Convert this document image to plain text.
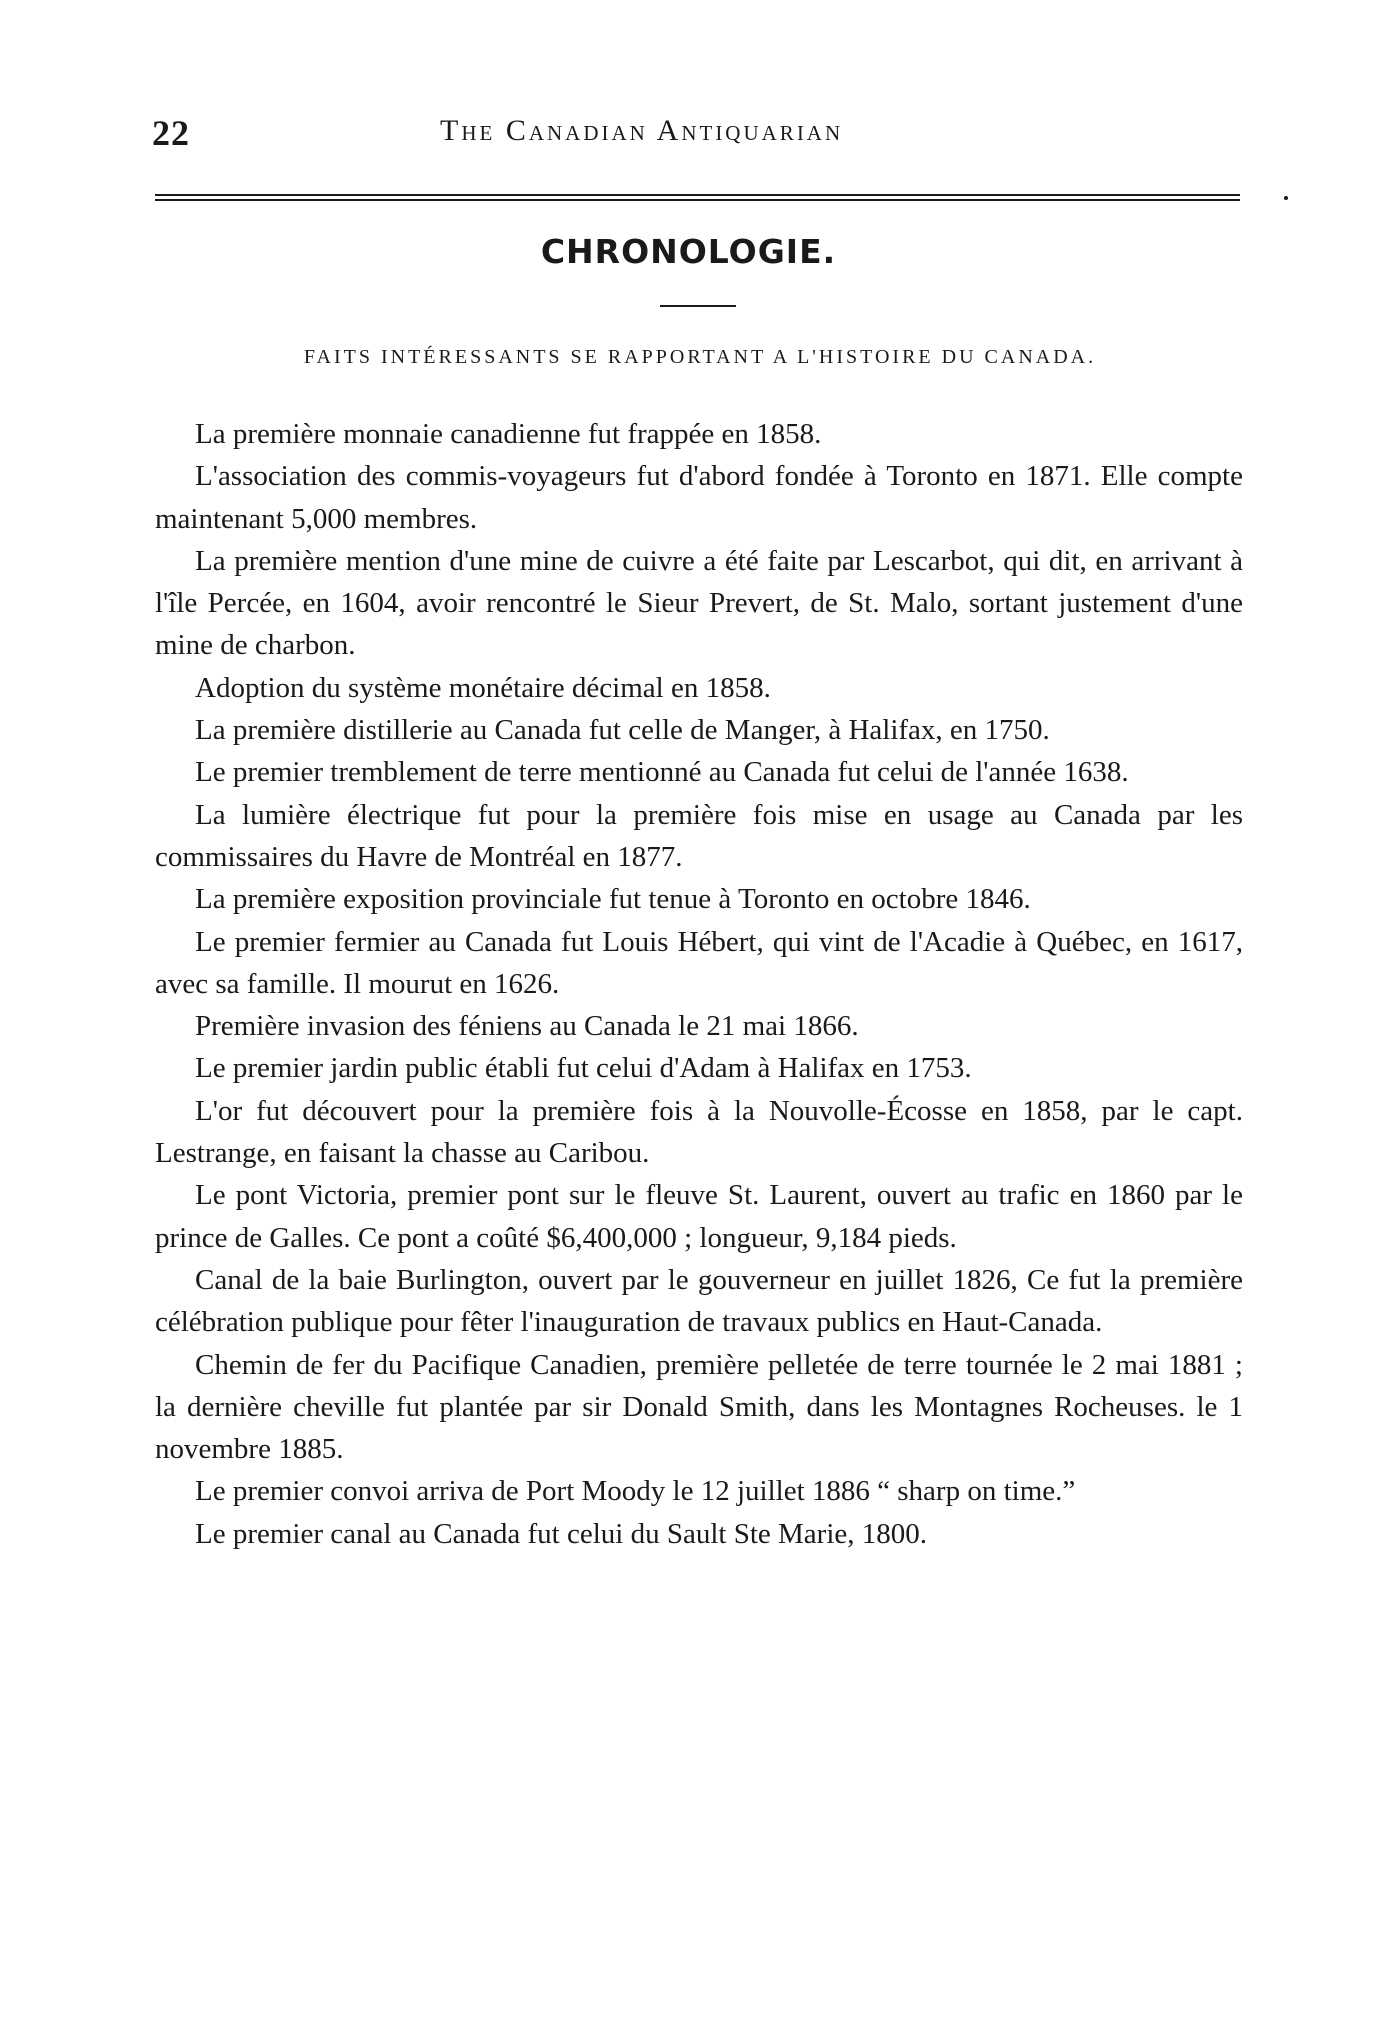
22	The Canadian Antiquarian
CHRONOLOGIE.
FAITS INTÉRESSANTS SE RAPPORTANT A L'HISTOIRE DU CANADA.

La première monnaie canadienne fut frappée en 1858.

L'association des commis-voyageurs fut d'abord fondée à Toronto en 1871. Elle compte maintenant 5,000 membres.

La première mention d'une mine de cuivre a été faite par Lescarbot, qui dit, en arrivant à l'île Percée, en 1604, avoir rencontré le Sieur Prevert, de St. Malo, sortant justement d'une mine de charbon.

Adoption du système monétaire décimal en 1858.

La première distillerie au Canada fut celle de Manger, à Halifax, en 1750.

Le premier tremblement de terre mentionné au Canada fut celui de l'année 1638.

La lumière électrique fut pour la première fois mise en usage au Canada par les commissaires du Havre de Montréal en 1877.

La première exposition provinciale fut tenue à Toronto en octobre 1846.

Le premier fermier au Canada fut Louis Hébert, qui vint de l'Acadie à Québec, en 1617, avec sa famille. Il mourut en 1626.

Première invasion des féniens au Canada le 21 mai 1866.

Le premier jardin public établi fut celui d'Adam à Halifax en 1753.

L'or fut découvert pour la première fois à la Nouvolle-Écosse en 1858, par le capt. Lestrange, en faisant la chasse au Caribou.

Le pont Victoria, premier pont sur le fleuve St. Laurent, ouvert au trafic en 1860 par le prince de Galles. Ce pont a coûté $6,400,000 ; longueur, 9,184 pieds.

Canal de la baie Burlington, ouvert par le gouverneur en juillet 1826, Ce fut la première célébration publique pour fêter l'inauguration de travaux publics en Haut-Canada.

Chemin de fer du Pacifique Canadien, première pelletée de terre tournée le 2 mai 1881 ; la dernière cheville fut plantée par sir Donald Smith, dans les Montagnes Rocheuses. le 1 novembre 1885.

Le premier convoi arriva de Port Moody le 12 juillet 1886 “ sharp on time.”

Le premier canal au Canada fut celui du Sault Ste Marie, 1800.
